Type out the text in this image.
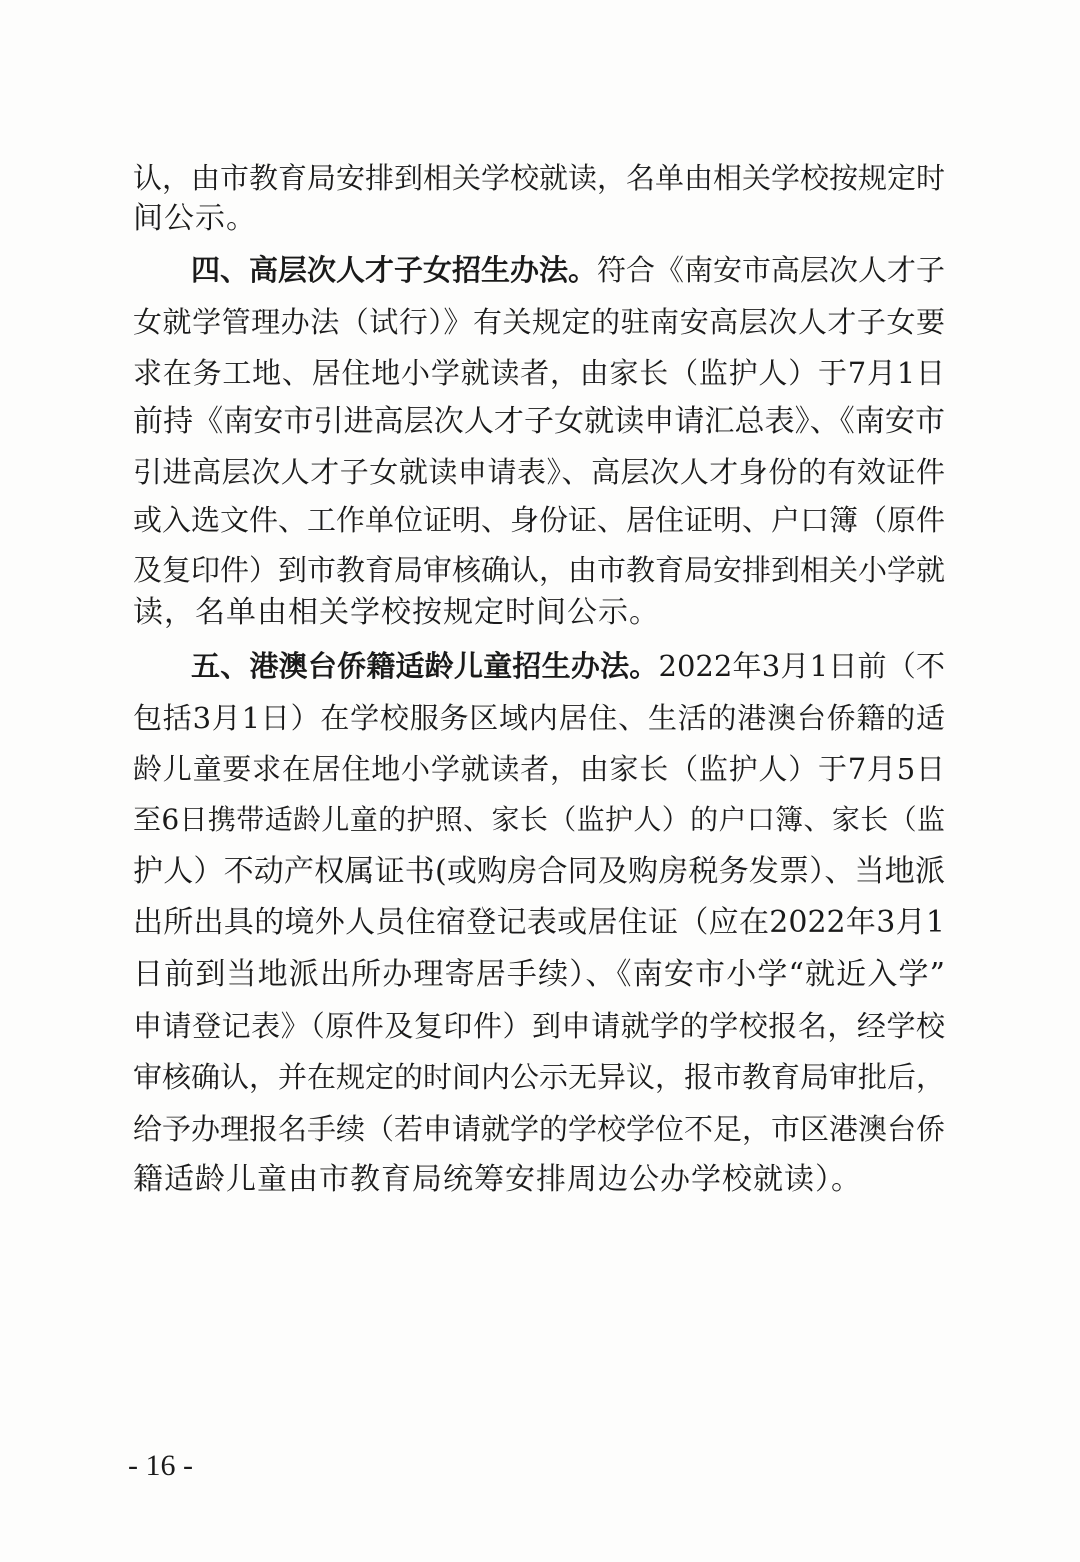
认，由市教育局安排到相关学校就读，名单由相关学校按规定时
间公示。
四、高层次人才子女招生办法。符合《南安市高层次人才子
女就学管理办法（试行）》有关规定的驻南安高层次人才子女要
求在务工地、居住地小学就读者，由家长（监护人）于7月1日
前持《南安市引进高层次人才子女就读申请汇总表》、《南安市
引进高层次人才子女就读申请表》、高层次人才身份的有效证件
或入选文件、工作单位证明、身份证、居住证明、户口簿（原件
及复印件）到市教育局审核确认，由市教育局安排到相关小学就
读，名单由相关学校按规定时间公示。
五、港澳台侨籍适龄儿童招生办法。2022年3月1日前（不
包括3月1日）在学校服务区域内居住、生活的港澳台侨籍的适
龄儿童要求在居住地小学就读者，由家长（监护人）于7月5日
至6日携带适龄儿童的护照、家长（监护人）的户口簿、家长（监
护人）不动产权属证书(或购房合同及购房税务发票）、当地派
出所出具的境外人员住宿登记表或居住证（应在2022年3月1
日前到当地派出所办理寄居手续）、《南安市小学“就近入学”
申请登记表》（原件及复印件）到申请就学的学校报名，经学校
审核确认，并在规定的时间内公示无异议，报市教育局审批后，
给予办理报名手续（若申请就学的学校学位不足，市区港澳台侨
籍适龄儿童由市教育局统筹安排周边公办学校就读）。
- 16 -
